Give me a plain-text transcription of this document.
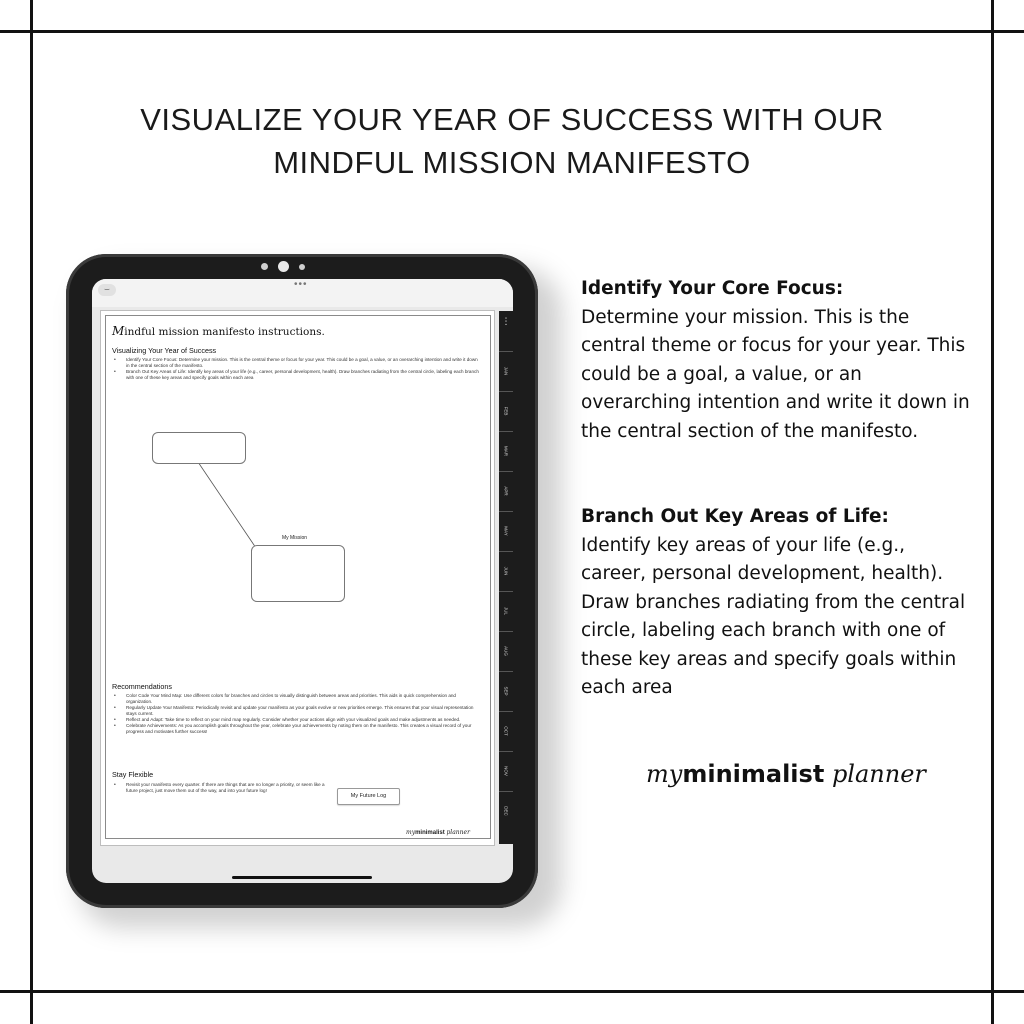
VISUALIZE YOUR YEAR OF SUCCESS WITH OUR
MINDFUL MISSION MANIFESTO
⌣	•••
Mindful mission manifesto instructions.
Visualizing Your Year of Success
• Identify Your Core Focus: Determine your mission. This is the central theme or focus for your year. This could be a goal, a value, or an overarching intention and write it down in the central section of the manifesto.
• Branch Out Key Areas of Life: Identify key areas of your life (e.g., career, personal development, health). Draw branches radiating from the central circle, labeling each branch with one of these key areas and specify goals within each area
My Mission
Recommendations
• Color Code Your Mind Map: Use different colors for branches and circles to visually distinguish between areas and priorities. This aids in quick comprehension and organization.
• Regularly Update Your Manifesto: Periodically revisit and update your manifesto as your goals evolve or new priorities emerge. This ensures that your visual representation stays current.
• Reflect and Adapt: Take time to reflect on your mind map regularly. Consider whether your actions align with your visualized goals and make adjustments as needed.
• Celebrate Achievements: As you accomplish goals throughout the year, celebrate your achievements by noting them on the manifesto. This creates a visual record of your progress and motivates further success!
Stay Flexible
• Revisit your manifesto every quarter. If there are things that are no longer a priority, or seem like a future project, just move them out of the way, and into your future log!
My Future Log
myminimalist planner
⋮
JAN
FEB
MAR
APR
MAY
JUN
JUL
AUG
SEP
OCT
NOV
DEC
Identify Your Core Focus:

Determine your mission. This is the central theme or focus for your year. This could be a goal, a value, or an overarching intention and write it down in the central section of the manifesto.

Branch Out Key Areas of Life:

Identify key areas of your life (e.g., career, personal development, health). Draw branches radiating from the central circle, labeling each branch with one of these key areas and specify goals within each area

myminimalist planner
